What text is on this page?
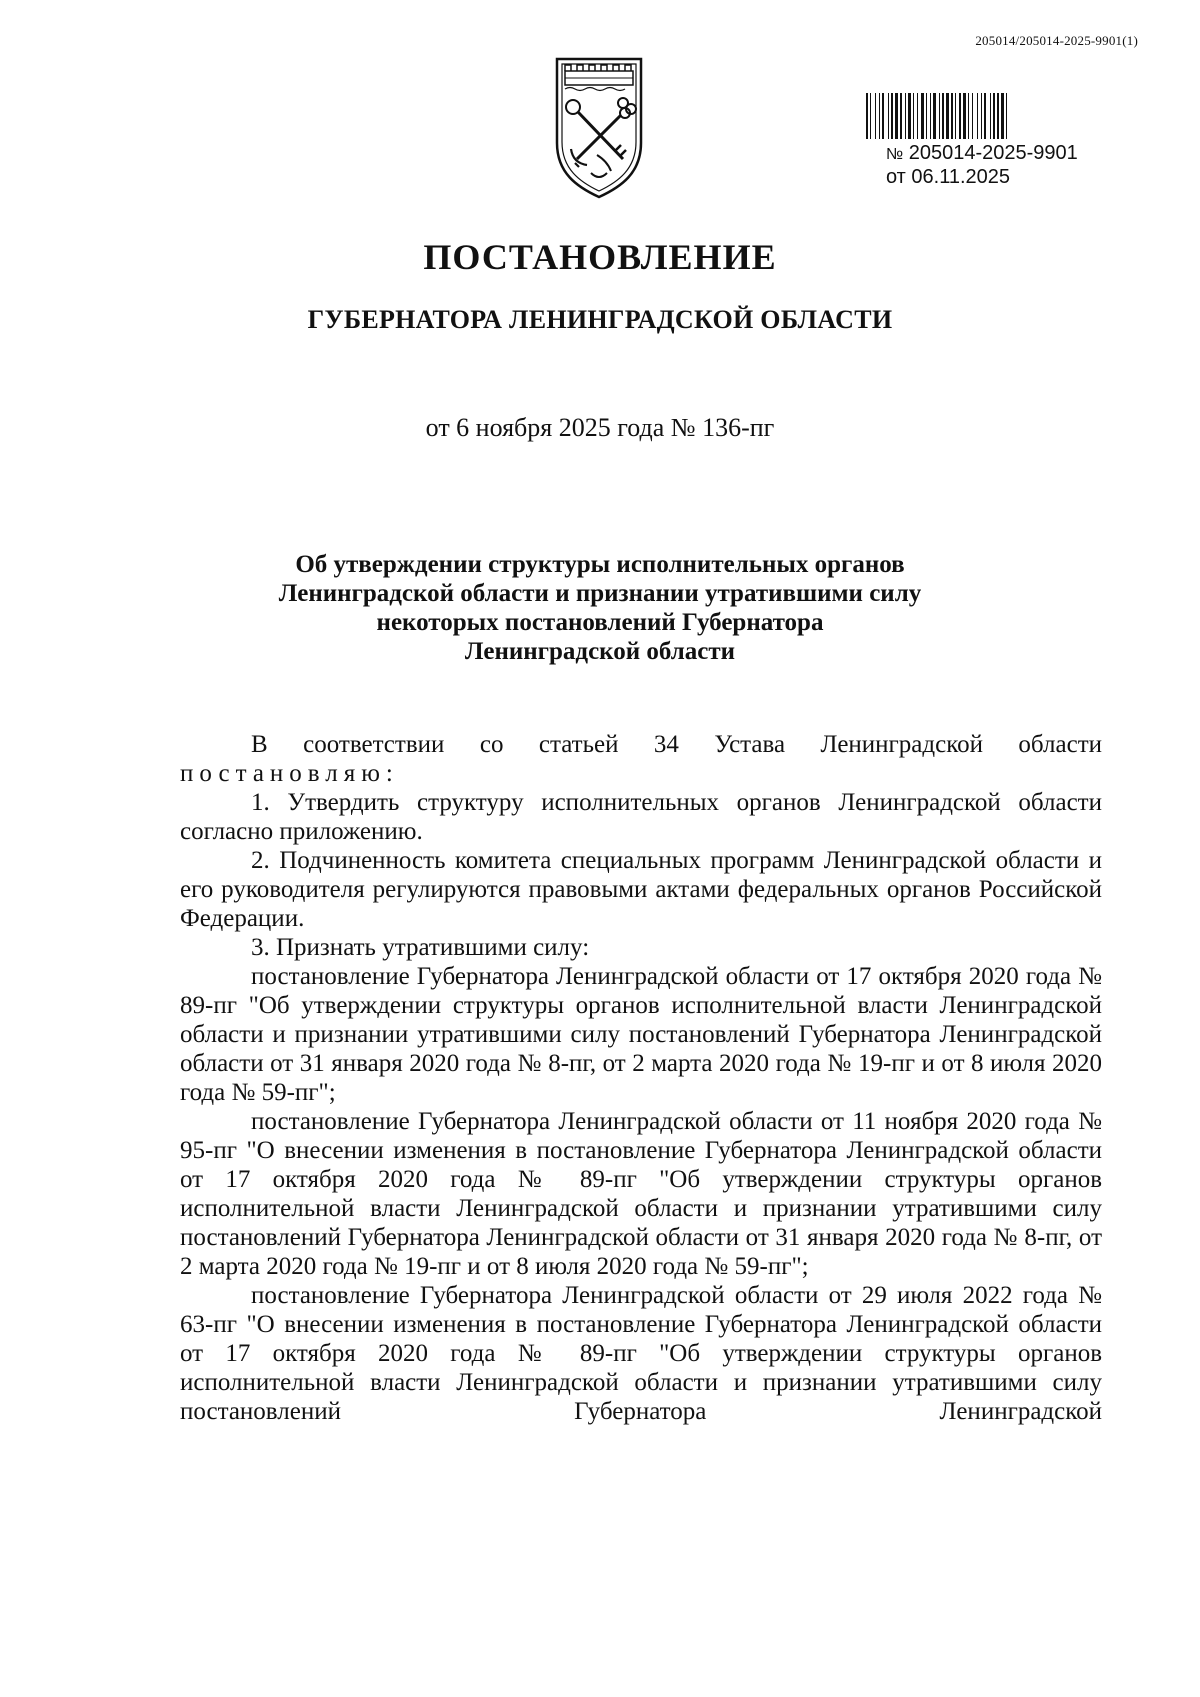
205014/205014-2025-9901(1)
№ 205014-2025-9901
от 06.11.2025
ПОСТАНОВЛЕНИЕ
ГУБЕРНАТОРА ЛЕНИНГРАДСКОЙ ОБЛАСТИ
от 6 ноября 2025 года № 136-пг
Об утверждении структуры исполнительных органов
Ленинградской области и признании утратившими силу
некоторых постановлений Губернатора
Ленинградской области

В соответствии со статьей 34 Устава Ленинградской области

постановляю:

1. Утвердить структуру исполнительных органов Ленинградской области согласно приложению.

2. Подчиненность комитета специальных программ Ленинградской области и его руководителя регулируются правовыми актами федеральных органов Российской Федерации.

3. Признать утратившими силу:

постановление Губернатора Ленинградской области от 17 октября 2020 года № 89-пг "Об утверждении структуры органов исполнительной власти Ленинградской области и признании утратившими силу постановлений Губернатора Ленинградской области от 31 января 2020 года № 8-пг, от 2 марта 2020 года № 19-пг и от 8 июля 2020 года № 59-пг";

постановление Губернатора Ленинградской области от 11 ноября 2020 года № 95-пг "О внесении изменения в постановление Губернатора Ленинградской области от 17 октября 2020 года № 89-пг "Об утверждении структуры органов исполнительной власти Ленинградской области и признании утратившими силу постановлений Губернатора Ленинградской области от 31 января 2020 года № 8-пг, от 2 марта 2020 года № 19-пг и от 8 июля 2020 года № 59-пг";

постановление Губернатора Ленинградской области от 29 июля 2022 года № 63-пг "О внесении изменения в постановление Губернатора Ленинградской области от 17 октября 2020 года № 89-пг "Об утверждении структуры органов исполнительной власти Ленинградской области и признании утратившими силу постановлений Губернатора Ленинградской
